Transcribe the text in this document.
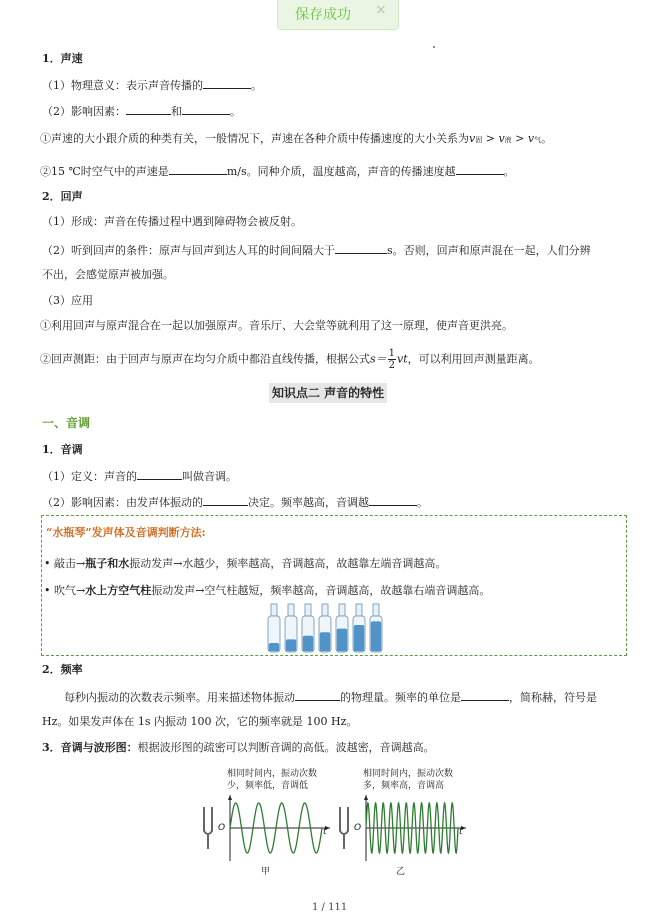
保存成功 ×
1．声速
（1）物理意义：表示声音传播的	。
（2）影响因素：	和	。
①声速的大小跟介质的种类有关，一般情况下，声速在各种介质中传播速度的大小关系为v固 > v液 > v气。
②15 ℃时空气中的声速是	m/s。同种介质，温度越高，声音的传播速度越	。
2．回声
（1）形成：声音在传播过程中遇到障碍物会被反射。
（2）听到回声的条件：原声与回声到达人耳的时间间隔大于	s。否则，回声和原声混在一起，人们分辨
不出，会感觉原声被加强。
（3）应用
①利用回声与原声混合在一起以加强原声。音乐厅、大会堂等就利用了这一原理，使声音更洪亮。
②回声测距：由于回声与原声在均匀介质中都沿直线传播，根据公式$s= \frac{1}{2}$ vt，可以利用回声测量距离。
知识点二 声音的特性
一、音调
1．音调
（1）定义：声音的	叫做音调。
（2）影响因素：由发声体振动的	决定。频率越高，音调越	。
“水瓶琴”发声体及音调判断方法:
• 敲击→瓶子和水振动发声→水越少，频率越高，音调越高，故越靠左端音调越高。
• 吹气→水上方空气柱振动发声→空气柱越短，频率越高，音调越高，故越靠右端音调越高。
2．频率
每秒内振动的次数表示频率。用来描述物体振动	的物理量。频率的单位是	，简称赫，符号是
Hz。如果发声体在 1s 内振动 100 次，它的频率就是 100 Hz。
3．音调与波形图：根据波形图的疏密可以判断音调的高低。波越密，音调越高。
相同时间内，振动次数
少，频率低，音调低
相同时间内，振动次数
多，频率高，音调高
O	t	O	t
甲	乙
1 / 111
